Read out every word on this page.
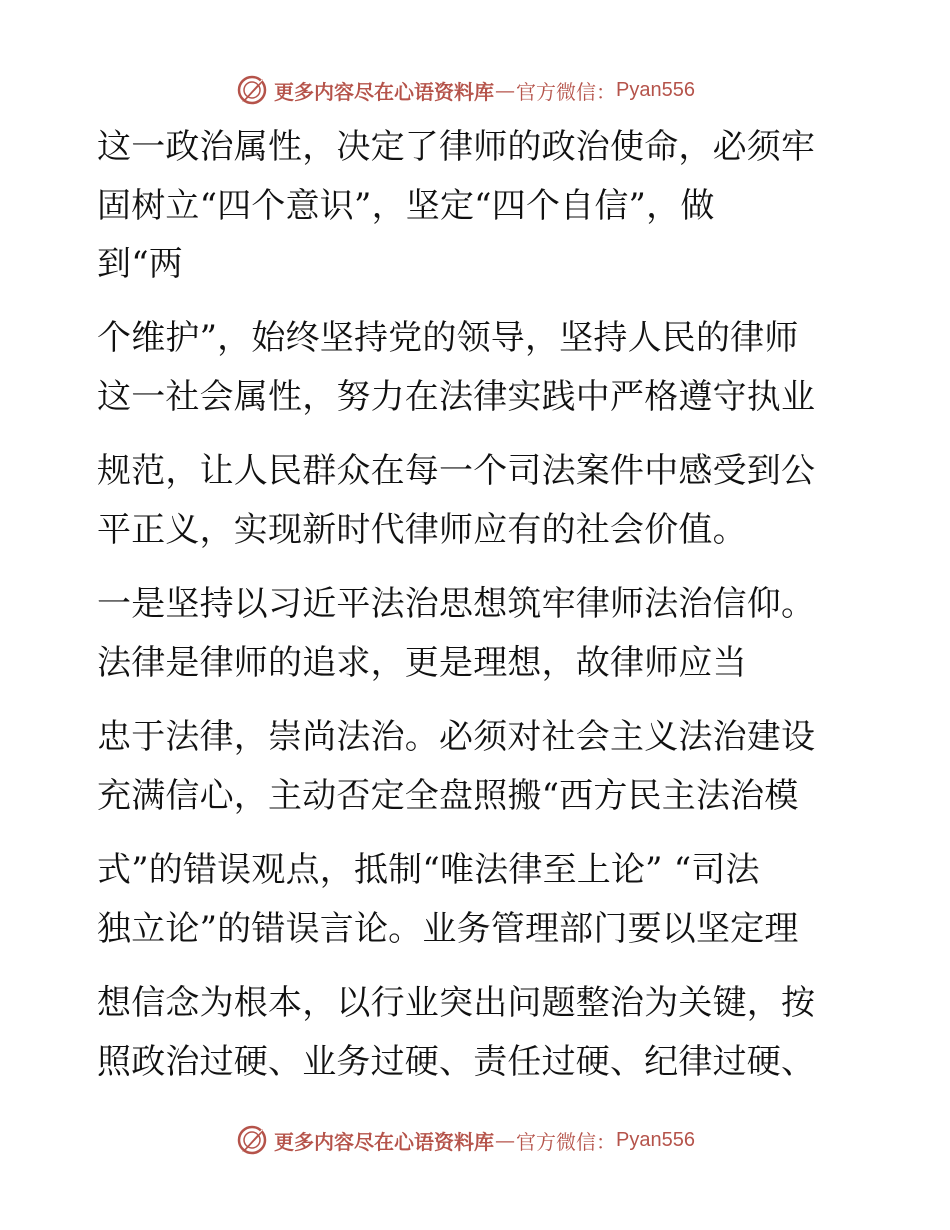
更多内容尽在心语资料库 — 官方微信： Pyan556
这一政治属性，决定了律师的政治使命，必须牢
固树立“四个意识”，坚定“四个自信”，做
到“两
个维护”，始终坚持党的领导，坚持人民的律师
这一社会属性，努力在法律实践中严格遵守执业
规范，让人民群众在每一个司法案件中感受到公
平正义，实现新时代律师应有的社会价值。
一是坚持以习近平法治思想筑牢律师法治信仰。
法律是律师的追求，更是理想，故律师应当
忠于法律，崇尚法治。必须对社会主义法治建设
充满信心，主动否定全盘照搬“西方民主法治模
式”的错误观点，抵制“唯法律至上论” “司法
独立论”的错误言论。业务管理部门要以坚定理
想信念为根本，以行业突出问题整治为关键，按
照政治过硬、业务过硬、责任过硬、纪律过硬、
更多内容尽在心语资料库 — 官方微信： Pyan556
